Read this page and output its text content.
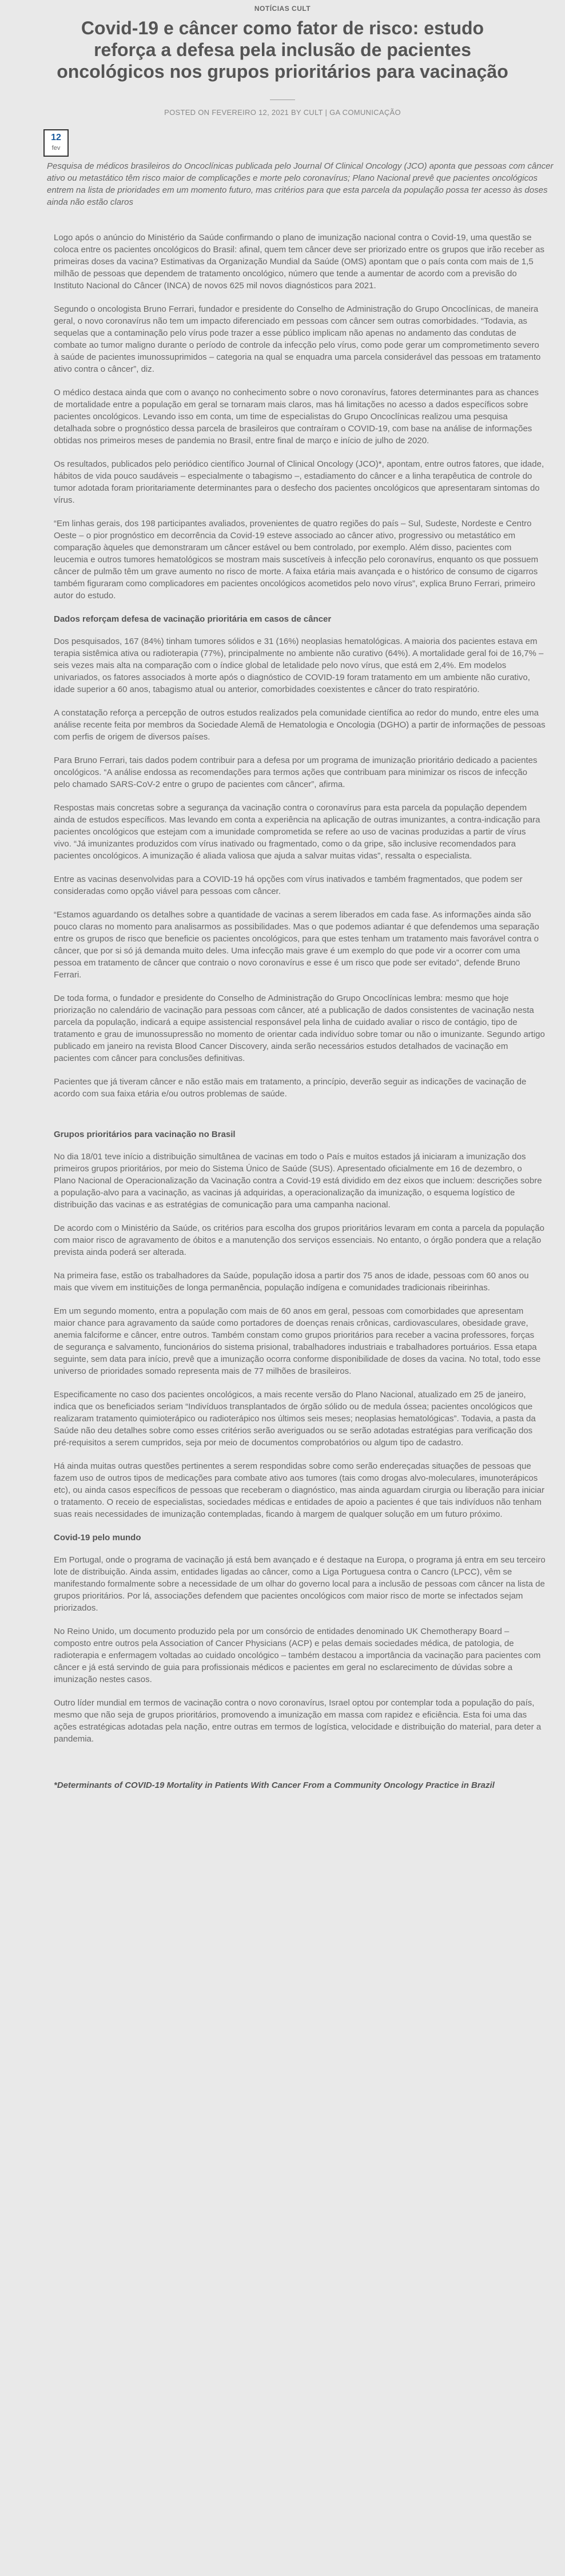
NOTÍCIAS CULT
Covid-19 e câncer como fator de risco: estudo reforça a defesa pela inclusão de pacientes oncológicos nos grupos prioritários para vacinação
POSTED ON FEVEREIRO 12, 2021 BY CULT | GA COMUNICAÇÃO
12
fev
Pesquisa de médicos brasileiros do Oncoclínicas publicada pelo Journal Of Clinical Oncology (JCO) aponta que pessoas com câncer ativo ou metastático têm risco maior de complicações e morte pelo coronavírus; Plano Nacional prevê que pacientes oncológicos entrem na lista de prioridades em um momento futuro, mas critérios para que esta parcela da população possa ter acesso às doses ainda não estão claros

Logo após o anúncio do Ministério da Saúde confirmando o plano de imunização nacional contra o Covid-19, uma questão se coloca entre os pacientes oncológicos do Brasil: afinal, quem tem câncer deve ser priorizado entre os grupos que irão receber as primeiras doses da vacina? Estimativas da Organização Mundial da Saúde (OMS) apontam que o país conta com mais de 1,5 milhão de pessoas que dependem de tratamento oncológico, número que tende a aumentar de acordo com a previsão do Instituto Nacional do Câncer (INCA) de novos 625 mil novos diagnósticos para 2021.

Segundo o oncologista Bruno Ferrari, fundador e presidente do Conselho de Administração do Grupo Oncoclínicas, de maneira geral, o novo coronavírus não tem um impacto diferenciado em pessoas com câncer sem outras comorbidades. “Todavia, as sequelas que a contaminação pelo vírus pode trazer a esse público implicam não apenas no andamento das condutas de combate ao tumor maligno durante o período de controle da infecção pelo vírus, como pode gerar um comprometimento severo à saúde de pacientes imunossuprimidos – categoria na qual se enquadra uma parcela considerável das pessoas em tratamento ativo contra o câncer”, diz.

O médico destaca ainda que com o avanço no conhecimento sobre o novo coronavírus, fatores determinantes para as chances de mortalidade entre a população em geral se tornaram mais claros, mas há limitações no acesso a dados específicos sobre pacientes oncológicos. Levando isso em conta, um time de especialistas do Grupo Oncoclínicas realizou uma pesquisa detalhada sobre o prognóstico dessa parcela de brasileiros que contraíram o COVID-19, com base na análise de informações obtidas nos primeiros meses de pandemia no Brasil, entre final de março e início de julho de 2020.

Os resultados, publicados pelo periódico científico Journal of Clinical Oncology (JCO)*, apontam, entre outros fatores, que idade, hábitos de vida pouco saudáveis – especialmente o tabagismo –, estadiamento do câncer e a linha terapêutica de controle do tumor adotada foram prioritariamente determinantes para o desfecho dos pacientes oncológicos que apresentaram sintomas do vírus.

“Em linhas gerais, dos 198 participantes avaliados, provenientes de quatro regiões do país – Sul, Sudeste, Nordeste e Centro Oeste – o pior prognóstico em decorrência da Covid-19 esteve associado ao câncer ativo, progressivo ou metastático em comparação àqueles que demonstraram um câncer estável ou bem controlado, por exemplo. Além disso, pacientes com leucemia e outros tumores hematológicos se mostram mais suscetíveis à infecção pelo coronavírus, enquanto os que possuem câncer de pulmão têm um grave aumento no risco de morte. A faixa etária mais avançada e o histórico de consumo de cigarros também figuraram como complicadores em pacientes oncológicos acometidos pelo novo vírus”, explica Bruno Ferrari, primeiro autor do estudo.

Dados reforçam defesa de vacinação prioritária em casos de câncer

Dos pesquisados, 167 (84%) tinham tumores sólidos e 31 (16%) neoplasias hematológicas. A maioria dos pacientes estava em terapia sistêmica ativa ou radioterapia (77%), principalmente no ambiente não curativo (64%). A mortalidade geral foi de 16,7% – seis vezes mais alta na comparação com o índice global de letalidade pelo novo vírus, que está em 2,4%. Em modelos univariados, os fatores associados à morte após o diagnóstico de COVID-19 foram tratamento em um ambiente não curativo, idade superior a 60 anos, tabagismo atual ou anterior, comorbidades coexistentes e câncer do trato respiratório.

A constatação reforça a percepção de outros estudos realizados pela comunidade científica ao redor do mundo, entre eles uma análise recente feita por membros da Sociedade Alemã de Hematologia e Oncologia (DGHO) a partir de informações de pessoas com perfis de origem de diversos países.

Para Bruno Ferrari, tais dados podem contribuir para a defesa por um programa de imunização prioritário dedicado a pacientes oncológicos. “A análise endossa as recomendações para termos ações que contribuam para minimizar os riscos de infecção pelo chamado SARS-CoV-2 entre o grupo de pacientes com câncer”, afirma.

Respostas mais concretas sobre a segurança da vacinação contra o coronavírus para esta parcela da população dependem ainda de estudos específicos. Mas levando em conta a experiência na aplicação de outras imunizantes, a contra-indicação para pacientes oncológicos que estejam com a imunidade comprometida se refere ao uso de vacinas produzidas a partir de vírus vivo. “Já imunizantes produzidos com vírus inativado ou fragmentado, como o da gripe, são inclusive recomendados para pacientes oncológicos. A imunização é aliada valiosa que ajuda a salvar muitas vidas”, ressalta o especialista.

Entre as vacinas desenvolvidas para a COVID-19 há opções com vírus inativados e também fragmentados, que podem ser consideradas como opção viável para pessoas com câncer.

“Estamos aguardando os detalhes sobre a quantidade de vacinas a serem liberados em cada fase. As informações ainda são pouco claras no momento para analisarmos as possibilidades. Mas o que podemos adiantar é que defendemos uma separação entre os grupos de risco que beneficie os pacientes oncológicos, para que estes tenham um tratamento mais favorável contra o câncer, que por si só já demanda muito deles. Uma infecção mais grave é um exemplo do que pode vir a ocorrer com uma pessoa em tratamento de câncer que contraio o novo coronavírus e esse é um risco que pode ser evitado”, defende Bruno Ferrari.

De toda forma, o fundador e presidente do Conselho de Administração do Grupo Oncoclínicas lembra: mesmo que hoje priorização no calendário de vacinação para pessoas com câncer, até a publicação de dados consistentes de vacinação nesta parcela da população, indicará a equipe assistencial responsável pela linha de cuidado avaliar o risco de contágio, tipo de tratamento e grau de imunossupressão no momento de orientar cada indivíduo sobre tomar ou não o imunizante. Segundo artigo publicado em janeiro na revista Blood Cancer Discovery, ainda serão necessários estudos detalhados de vacinação em pacientes com câncer para conclusões definitivas.

Pacientes que já tiveram câncer e não estão mais em tratamento, a princípio, deverão seguir as indicações de vacinação de acordo com sua faixa etária e/ou outros problemas de saúde.

Grupos prioritários para vacinação no Brasil

No dia 18/01 teve início a distribuição simultânea de vacinas em todo o País e muitos estados já iniciaram a imunização dos primeiros grupos prioritários, por meio do Sistema Único de Saúde (SUS). Apresentado oficialmente em 16 de dezembro, o Plano Nacional de Operacionalização da Vacinação contra a Covid-19 está dividido em dez eixos que incluem: descrições sobre a população-alvo para a vacinação, as vacinas já adquiridas, a operacionalização da imunização, o esquema logístico de distribuição das vacinas e as estratégias de comunicação para uma campanha nacional.

De acordo com o Ministério da Saúde, os critérios para escolha dos grupos prioritários levaram em conta a parcela da população com maior risco de agravamento de óbitos e a manutenção dos serviços essenciais. No entanto, o órgão pondera que a relação prevista ainda poderá ser alterada.

Na primeira fase, estão os trabalhadores da Saúde, população idosa a partir dos 75 anos de idade, pessoas com 60 anos ou mais que vivem em instituições de longa permanência, população indígena e comunidades tradicionais ribeirinhas.

Em um segundo momento, entra a população com mais de 60 anos em geral, pessoas com comorbidades que apresentam maior chance para agravamento da saúde como portadores de doenças renais crônicas, cardiovasculares, obesidade grave, anemia falciforme e câncer, entre outros. Também constam como grupos prioritários para receber a vacina professores, forças de segurança e salvamento, funcionários do sistema prisional, trabalhadores industriais e trabalhadores portuários. Essa etapa seguinte, sem data para início, prevê que a imunização ocorra conforme disponibilidade de doses da vacina. No total, todo esse universo de prioridades somado representa mais de 77 milhões de brasileiros.

Especificamente no caso dos pacientes oncológicos, a mais recente versão do Plano Nacional, atualizado em 25 de janeiro, indica que os beneficiados seriam “Indivíduos transplantados de órgão sólido ou de medula óssea; pacientes oncológicos que realizaram tratamento quimioterápico ou radioterápico nos últimos seis meses; neoplasias hematológicas”. Todavia, a pasta da Saúde não deu detalhes sobre como esses critérios serão averiguados ou se serão adotadas estratégias para verificação dos pré-requisitos a serem cumpridos, seja por meio de documentos comprobatórios ou algum tipo de cadastro.

Há ainda muitas outras questões pertinentes a serem respondidas sobre como serão endereçadas situações de pessoas que fazem uso de outros tipos de medicações para combate ativo aos tumores (tais como drogas alvo-moleculares, imunoterápicos etc), ou ainda casos específicos de pessoas que receberam o diagnóstico, mas ainda aguardam cirurgia ou liberação para iniciar o tratamento. O receio de especialistas, sociedades médicas e entidades de apoio a pacientes é que tais indivíduos não tenham suas reais necessidades de imunização contempladas, ficando à margem de qualquer solução em um futuro próximo.

Covid-19 pelo mundo

Em Portugal, onde o programa de vacinação já está bem avançado e é destaque na Europa, o programa já entra em seu terceiro lote de distribuição. Ainda assim, entidades ligadas ao câncer, como a Liga Portuguesa contra o Cancro (LPCC), vêm se manifestando formalmente sobre a necessidade de um olhar do governo local para a inclusão de pessoas com câncer na lista de grupos prioritários. Por lá, associações defendem que pacientes oncológicos com maior risco de morte se infectados sejam priorizados.

No Reino Unido, um documento produzido pela por um consórcio de entidades denominado UK Chemotherapy Board – composto entre outros pela Association of Cancer Physicians (ACP) e pelas demais sociedades médica, de patologia, de radioterapia e enfermagem voltadas ao cuidado oncológico – também destacou a importância da vacinação para pacientes com câncer e já está servindo de guia para profissionais médicos e pacientes em geral no esclarecimento de dúvidas sobre a imunização nestes casos.

Outro líder mundial em termos de vacinação contra o novo coronavírus, Israel optou por contemplar toda a população do país, mesmo que não seja de grupos prioritários, promovendo a imunização em massa com rapidez e eficiência. Esta foi uma das ações estratégicas adotadas pela nação, entre outras em termos de logística, velocidade e distribuição do material, para deter a pandemia.

*Determinants of COVID-19 Mortality in Patients With Cancer From a Community Oncology Practice in Brazil
